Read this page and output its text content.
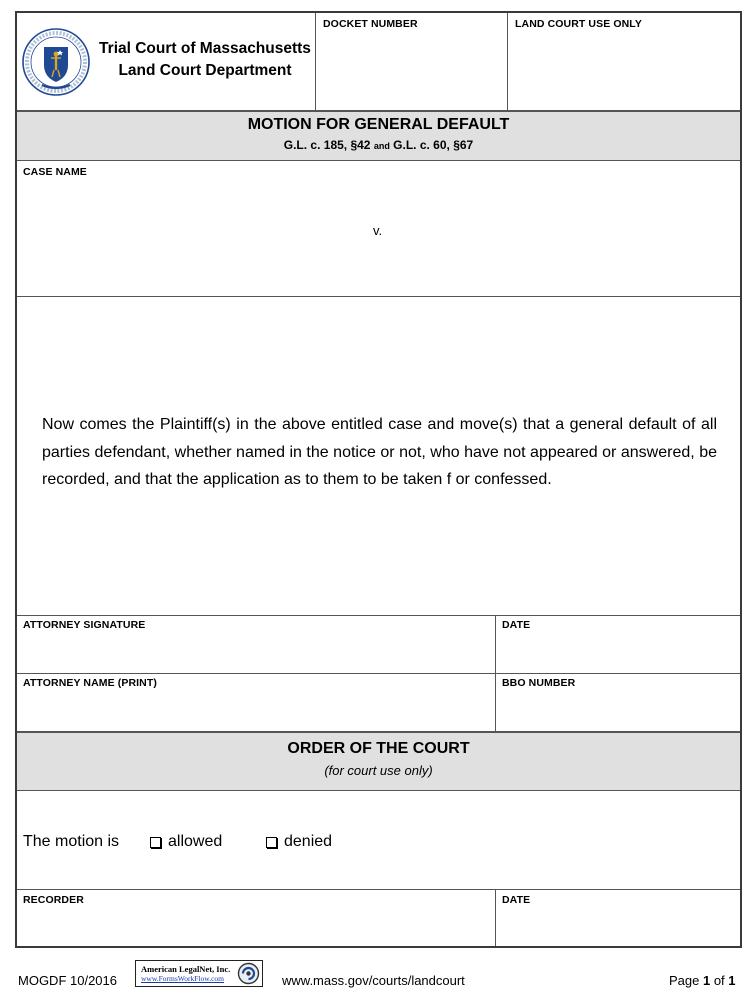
Trial Court of Massachusetts
Land Court Department
DOCKET NUMBER	LAND COURT USE ONLY
MOTION FOR GENERAL DEFAULT
G.L. c. 185, §42 and G.L. c. 60, §67
CASE NAME
v.
Now comes the Plaintiff(s) in the above entitled case and move(s) that a general default of all parties defendant, whether named in the notice or not, who have not appeared or answered, be recorded, and that the application as to them to be taken f or confessed.
ATTORNEY SIGNATURE	DATE
ATTORNEY NAME (PRINT)	BBO NUMBER
ORDER OF THE COURT
(for court use only)
The motion is	allowed	denied
RECORDER	DATE
MOGDF 10/2016
American LegalNet, Inc.
www.FormsWorkFlow.com	www.mass.gov/courts/landcourt	Page 1 of 1
